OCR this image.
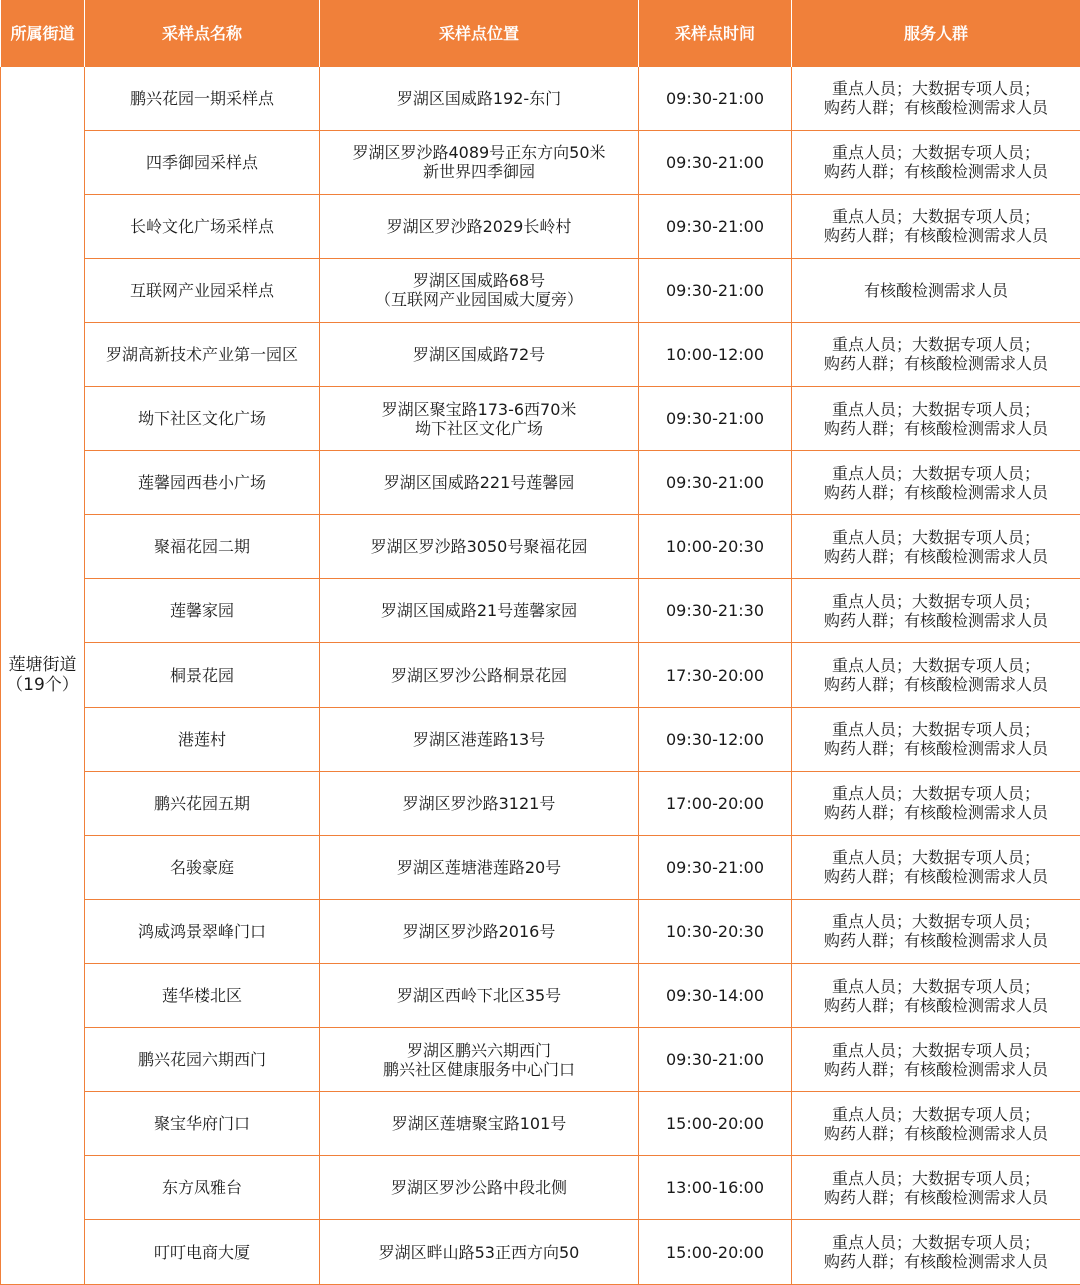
所属街道	采样点名称	采样点位置	采样点时间	服务人群

莲塘街道
（19个）	鹏兴花园一期采样点	罗湖区国威路192-东门	09:30-21:00	重点人员；大数据专项人员；
购药人群；有核酸检测需求人员

	四季御园采样点	罗湖区罗沙路4089号正东方向50米
新世界四季御园	09:30-21:00	重点人员；大数据专项人员；
购药人群；有核酸检测需求人员

	长岭文化广场采样点	罗湖区罗沙路2029长岭村	09:30-21:00	重点人员；大数据专项人员；
购药人群；有核酸检测需求人员

	互联网产业园采样点	罗湖区国威路68号
（互联网产业园国威大厦旁）	09:30-21:00	有核酸检测需求人员

	罗湖高新技术产业第一园区	罗湖区国威路72号	10:00-12:00	重点人员；大数据专项人员；
购药人群；有核酸检测需求人员

	坳下社区文化广场	罗湖区聚宝路173-6西70米
坳下社区文化广场	09:30-21:00	重点人员；大数据专项人员；
购药人群；有核酸检测需求人员

	莲馨园西巷小广场	罗湖区国威路221号莲馨园	09:30-21:00	重点人员；大数据专项人员；
购药人群；有核酸检测需求人员

	聚福花园二期	罗湖区罗沙路3050号聚福花园	10:00-20:30	重点人员；大数据专项人员；
购药人群；有核酸检测需求人员

	莲馨家园	罗湖区国威路21号莲馨家园	09:30-21:30	重点人员；大数据专项人员；
购药人群；有核酸检测需求人员

	桐景花园	罗湖区罗沙公路桐景花园	17:30-20:00	重点人员；大数据专项人员；
购药人群；有核酸检测需求人员

	港莲村	罗湖区港莲路13号	09:30-12:00	重点人员；大数据专项人员；
购药人群；有核酸检测需求人员

	鹏兴花园五期	罗湖区罗沙路3121号	17:00-20:00	重点人员；大数据专项人员；
购药人群；有核酸检测需求人员

	名骏豪庭	罗湖区莲塘港莲路20号	09:30-21:00	重点人员；大数据专项人员；
购药人群；有核酸检测需求人员

	鸿威鸿景翠峰门口	罗湖区罗沙路2016号	10:30-20:30	重点人员；大数据专项人员；
购药人群；有核酸检测需求人员

	莲华楼北区	罗湖区西岭下北区35号	09:30-14:00	重点人员；大数据专项人员；
购药人群；有核酸检测需求人员

	鹏兴花园六期西门	罗湖区鹏兴六期西门
鹏兴社区健康服务中心门口	09:30-21:00	重点人员；大数据专项人员；
购药人群；有核酸检测需求人员

	聚宝华府门口	罗湖区莲塘聚宝路101号	15:00-20:00	重点人员；大数据专项人员；
购药人群；有核酸检测需求人员

	东方凤雅台	罗湖区罗沙公路中段北侧	13:00-16:00	重点人员；大数据专项人员；
购药人群；有核酸检测需求人员

	叮叮电商大厦	罗湖区畔山路53正西方向50	15:00-20:00	重点人员；大数据专项人员；
购药人群；有核酸检测需求人员
